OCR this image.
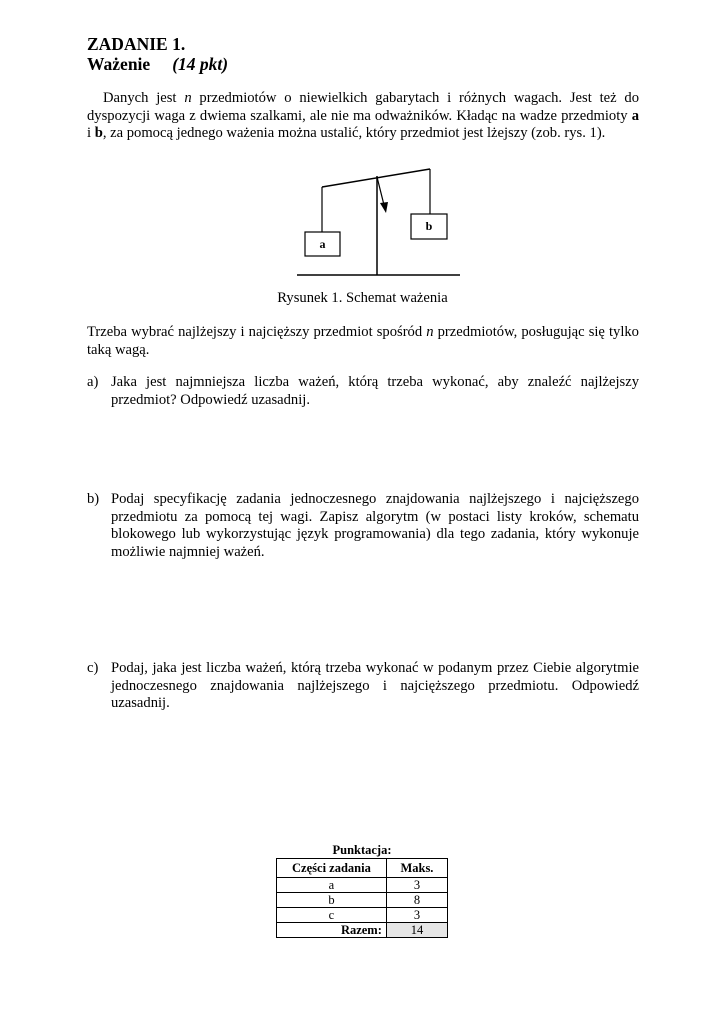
ZADANIE 1.
Ważenie (14 pkt)

Danych jest n przedmiotów o niewielkich gabarytach i różnych wagach. Jest też do dyspozycji waga z dwiema szalkami, ale nie ma odważników. Kładąc na wadze przedmioty a i b, za pomocą jednego ważenia można ustalić, który przedmiot jest lżejszy (zob. rys. 1).

a
b
Rysunek 1. Schemat ważenia

Trzeba wybrać najlżejszy i najcięższy przedmiot spośród n przedmiotów, posługując się tylko taką wagą.

a) Jaka jest najmniejsza liczba ważeń, którą trzeba wykonać, aby znaleźć najlżejszy przedmiot? Odpowiedź uzasadnij.
b) Podaj specyfikację zadania jednoczesnego znajdowania najlżejszego i najcięższego przedmiotu za pomocą tej wagi. Zapisz algorytm (w postaci listy kroków, schematu blokowego lub wykorzystując język programowania) dla tego zadania, który wykonuje możliwie najmniej ważeń.
c) Podaj, jaka jest liczba ważeń, którą trzeba wykonać w podanym przez Ciebie algorytmie jednoczesnego znajdowania najlżejszego i najcięższego przedmiotu. Odpowiedź uzasadnij.
Punktacja:
Części zadania	Maks.
a	3
b	8
c	3
Razem:	14
